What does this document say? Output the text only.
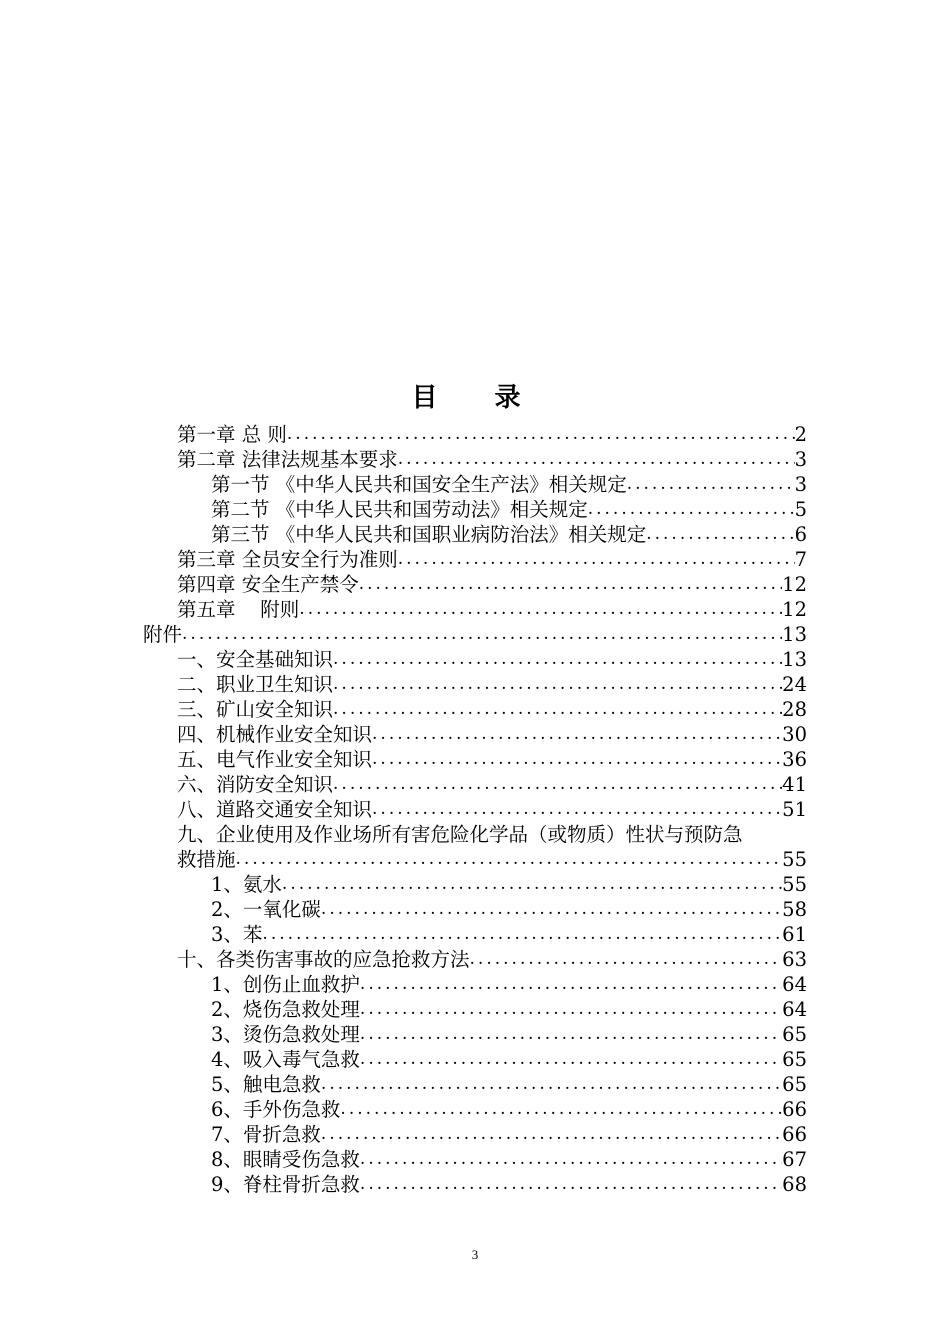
目 录
第一章 总 则 .....	2
第二章 法律法规基本要求 .....	3
第一节 《中华人民共和国安全生产法》相关规定 .....	3
第二节 《中华人民共和国劳动法》相关规定 .....	5
第三节 《中华人民共和国职业病防治法》相关规定 .....	6
第三章 全员安全行为准则 .....	7
第四章 安全生产禁令 .....	12
第五章    附则 .....	12
附件 .....	13
一、安全基础知识 .....	13
二、职业卫生知识 .....	24
三、矿山安全知识 .....	28
四、机械作业安全知识 .....	30
五、电气作业安全知识 .....	36
六、消防安全知识 .....	41
八、道路交通安全知识 .....	51
九、企业使用及作业场所有害危险化学品（或物质）性状与预防急
救措施 .....	55
1、氨水 .....	55
2、一氧化碳 .....	58
3、苯 .....	61
十、各类伤害事故的应急抢救方法 .....	63
1、创伤止血救护 .....	64
2、烧伤急救处理 .....	64
3、烫伤急救处理 .....	65
4、吸入毒气急救 .....	65
5、触电急救 .....	65
6、手外伤急救 .....	66
7、骨折急救 .....	66
8、眼睛受伤急救 .....	67
9、脊柱骨折急救 .....	68
3
